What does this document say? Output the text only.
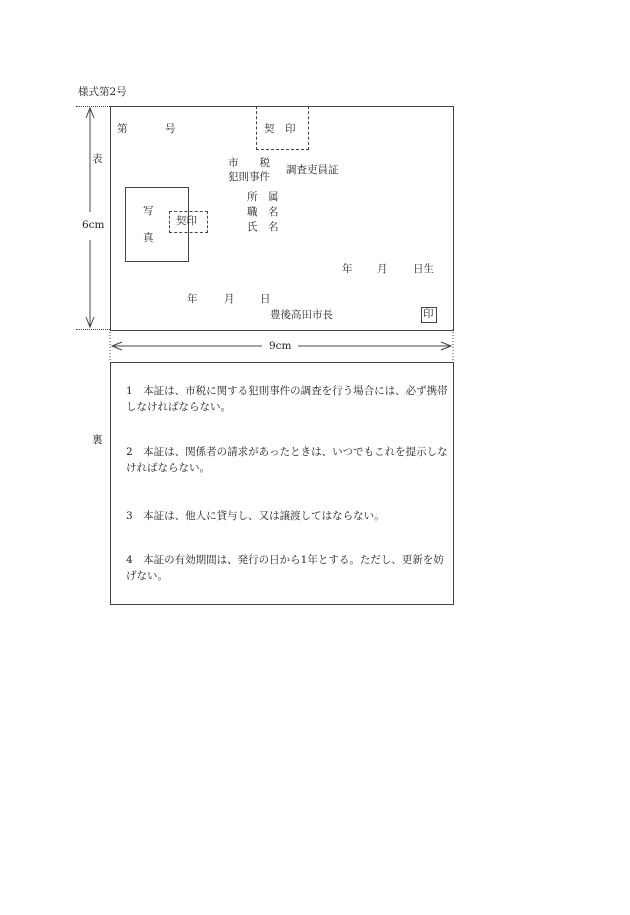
様式第2号
6cm
9cm
表
第	号	契　印
市　　税
犯則事件
調査吏員証
写
真
契印
所　属
職　名
氏　名
年 月 日生
年	月 日
豊後高田市長	印
裏
1　本証は、市税に関する犯則事件の調査を行う場合には、必ず携帯しなければならない。
2　本証は、関係者の請求があったときは、いつでもこれを提示しなければならない。
3　本証は、他人に貸与し、又は譲渡してはならない。
4　本証の有効期間は、発行の日から1年とする。ただし、更新を妨げない。
